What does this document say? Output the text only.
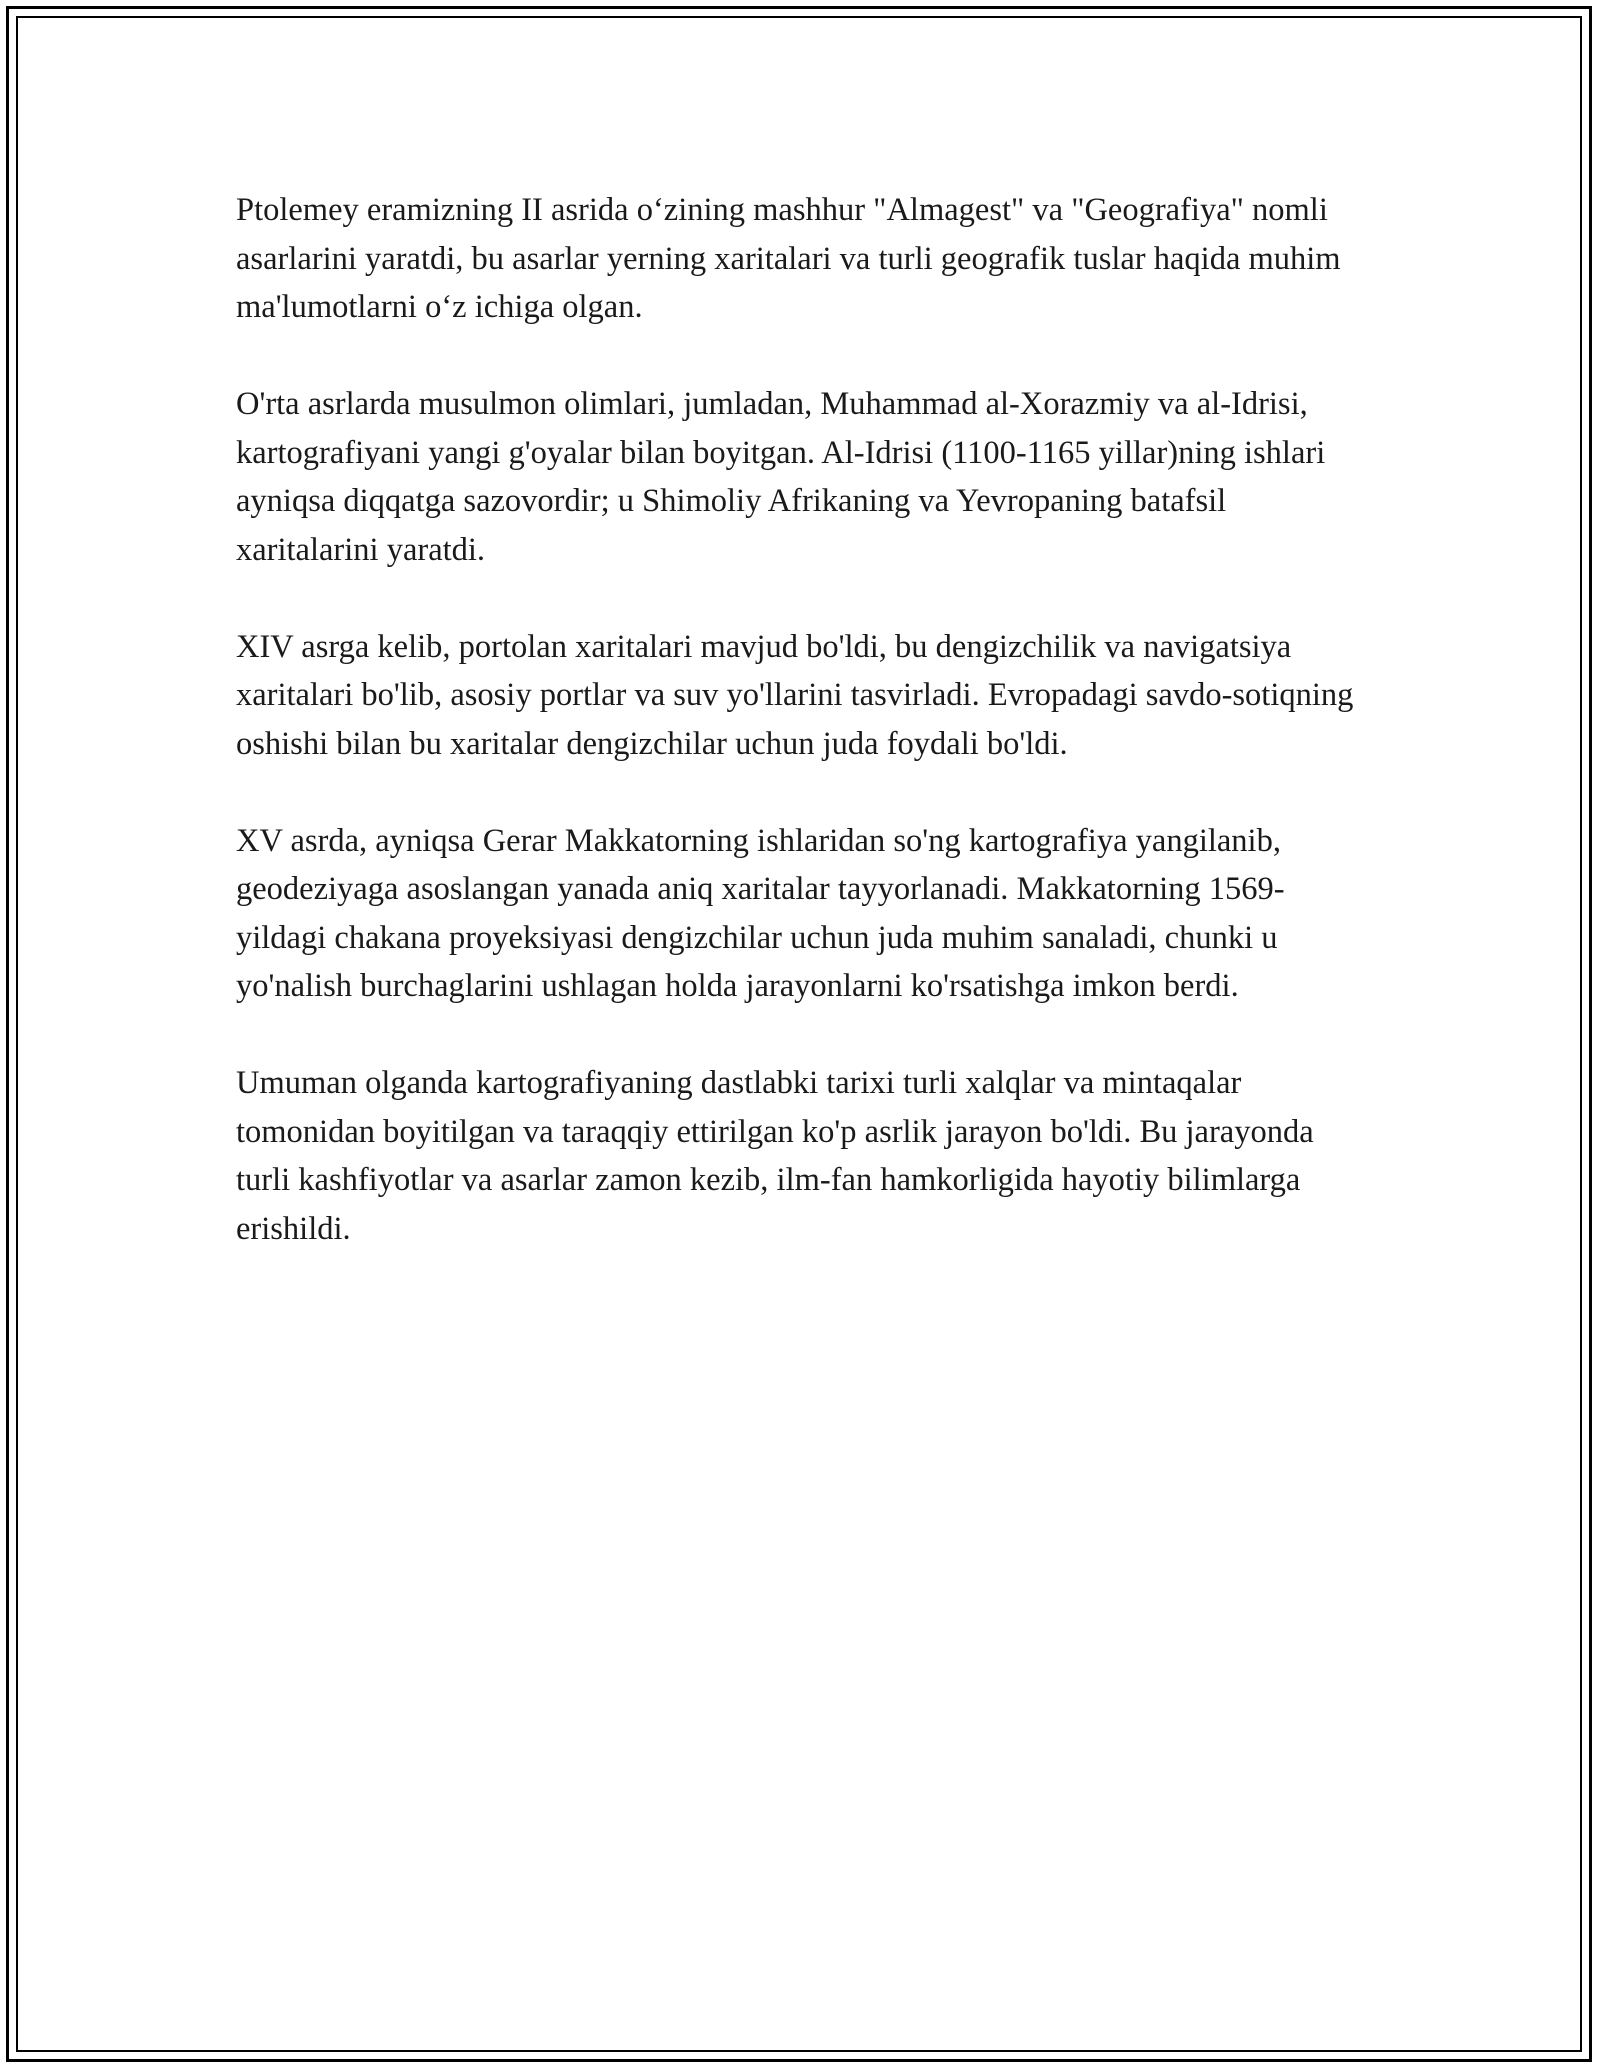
Ptolemey eramizning II asrida o‘zining mashhur "Almagest" va "Geografiya" nomli asarlarini yaratdi, bu asarlar yerning xaritalari va turli geografik tuslar haqida muhim ma'lumotlarni o‘z ichiga olgan.

O'rta asrlarda musulmon olimlari, jumladan, Muhammad al-Xorazmiy va al-Idrisi, kartografiyani yangi g'oyalar bilan boyitgan. Al-Idrisi (1100-1165 yillar)ning ishlari ayniqsa diqqatga sazovordir; u Shimoliy Afrikaning va Yevropaning batafsil xaritalarini yaratdi.

XIV asrga kelib, portolan xaritalari mavjud bo'ldi, bu dengizchilik va navigatsiya xaritalari bo'lib, asosiy portlar va suv yo'llarini tasvirladi. Evropadagi savdo-sotiqning oshishi bilan bu xaritalar dengizchilar uchun juda foydali bo'ldi.

XV asrda, ayniqsa Gerar Makkatorning ishlaridan so'ng kartografiya yangilanib, geodeziyaga asoslangan yanada aniq xaritalar tayyorlanadi. Makkatorning 1569-yildagi chakana proyeksiyasi dengizchilar uchun juda muhim sanaladi, chunki u yo'nalish burchaglarini ushlagan holda jarayonlarni ko'rsatishga imkon berdi.

Umuman olganda kartografiyaning dastlabki tarixi turli xalqlar va mintaqalar tomonidan boyitilgan va taraqqiy ettirilgan ko'p asrlik jarayon bo'ldi. Bu jarayonda turli kashfiyotlar va asarlar zamon kezib, ilm-fan hamkorligida hayotiy bilimlarga erishildi.
